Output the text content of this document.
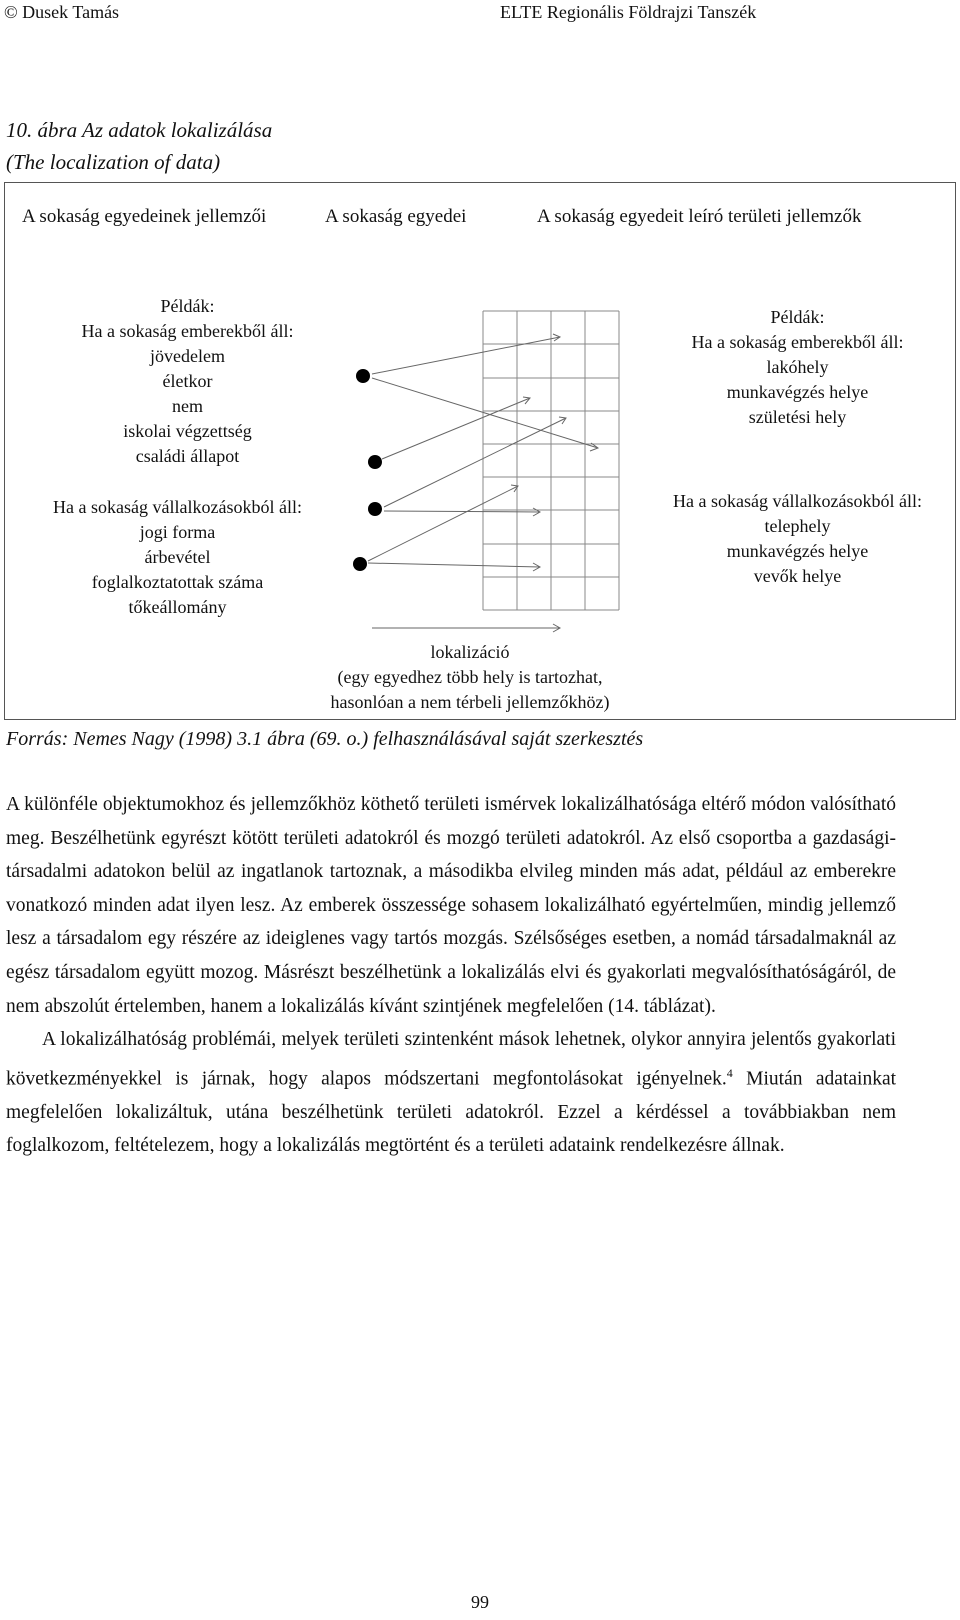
© Dusek Tamás	ELTE Regionális Földrajzi Tanszék
10. ábra Az adatok lokalizálása
(The localization of data)
A sokaság egyedeinek jellemzői	A sokaság egyedei	A sokaság egyedeit leíró területi jellemzők
Példák:
Ha a sokaság emberekből áll:
jövedelem
életkor
nem
iskolai végzettség
családi állapot
Ha a sokaság vállalkozásokból áll:
jogi forma
árbevétel
foglalkoztatottak száma
tőkeállomány
Példák:
Ha a sokaság emberekből áll:
lakóhely
munkavégzés helye
születési hely
Ha a sokaság vállalkozásokból áll:
telephely
munkavégzés helye
vevők helye
lokalizáció
(egy egyedhez több hely is tartozhat,
hasonlóan a nem térbeli jellemzőkhöz)
Forrás: Nemes Nagy (1998) 3.1 ábra (69. o.) felhasználásával saját szerkesztés

A különféle objektumokhoz és jellemzőkhöz köthető területi ismérvek lokalizálhatósága eltérő módon valósítható meg. Beszélhetünk egyrészt kötött területi adatokról és mozgó területi adatokról. Az első csoportba a gazdasági-társadalmi adatokon belül az ingatlanok tartoznak, a másodikba elvileg minden más adat, például az emberekre vonatkozó minden adat ilyen lesz. Az emberek összessége sohasem lokalizálható egyértelműen, mindig jellemző lesz a társadalom egy részére az ideiglenes vagy tartós mozgás. Szélsőséges esetben, a nomád társadalmaknál az egész társadalom együtt mozog. Másrészt beszélhetünk a lokalizálás elvi és gyakorlati megvalósíthatóságáról, de nem abszolút értelemben, hanem a lokalizálás kívánt szintjének megfelelően (14. táblázat).

A lokalizálhatóság problémái, melyek területi szintenként mások lehetnek, olykor annyira jelentős gyakorlati következményekkel is járnak, hogy alapos módszertani megfontolásokat igényelnek.$^4$ Miután adatainkat megfelelően lokalizáltuk, utána beszélhetünk területi adatokról. Ezzel a kérdéssel a továbbiakban nem foglalkozom, feltételezem, hogy a lokalizálás megtörtént és a területi adataink rendelkezésre állnak.

99
